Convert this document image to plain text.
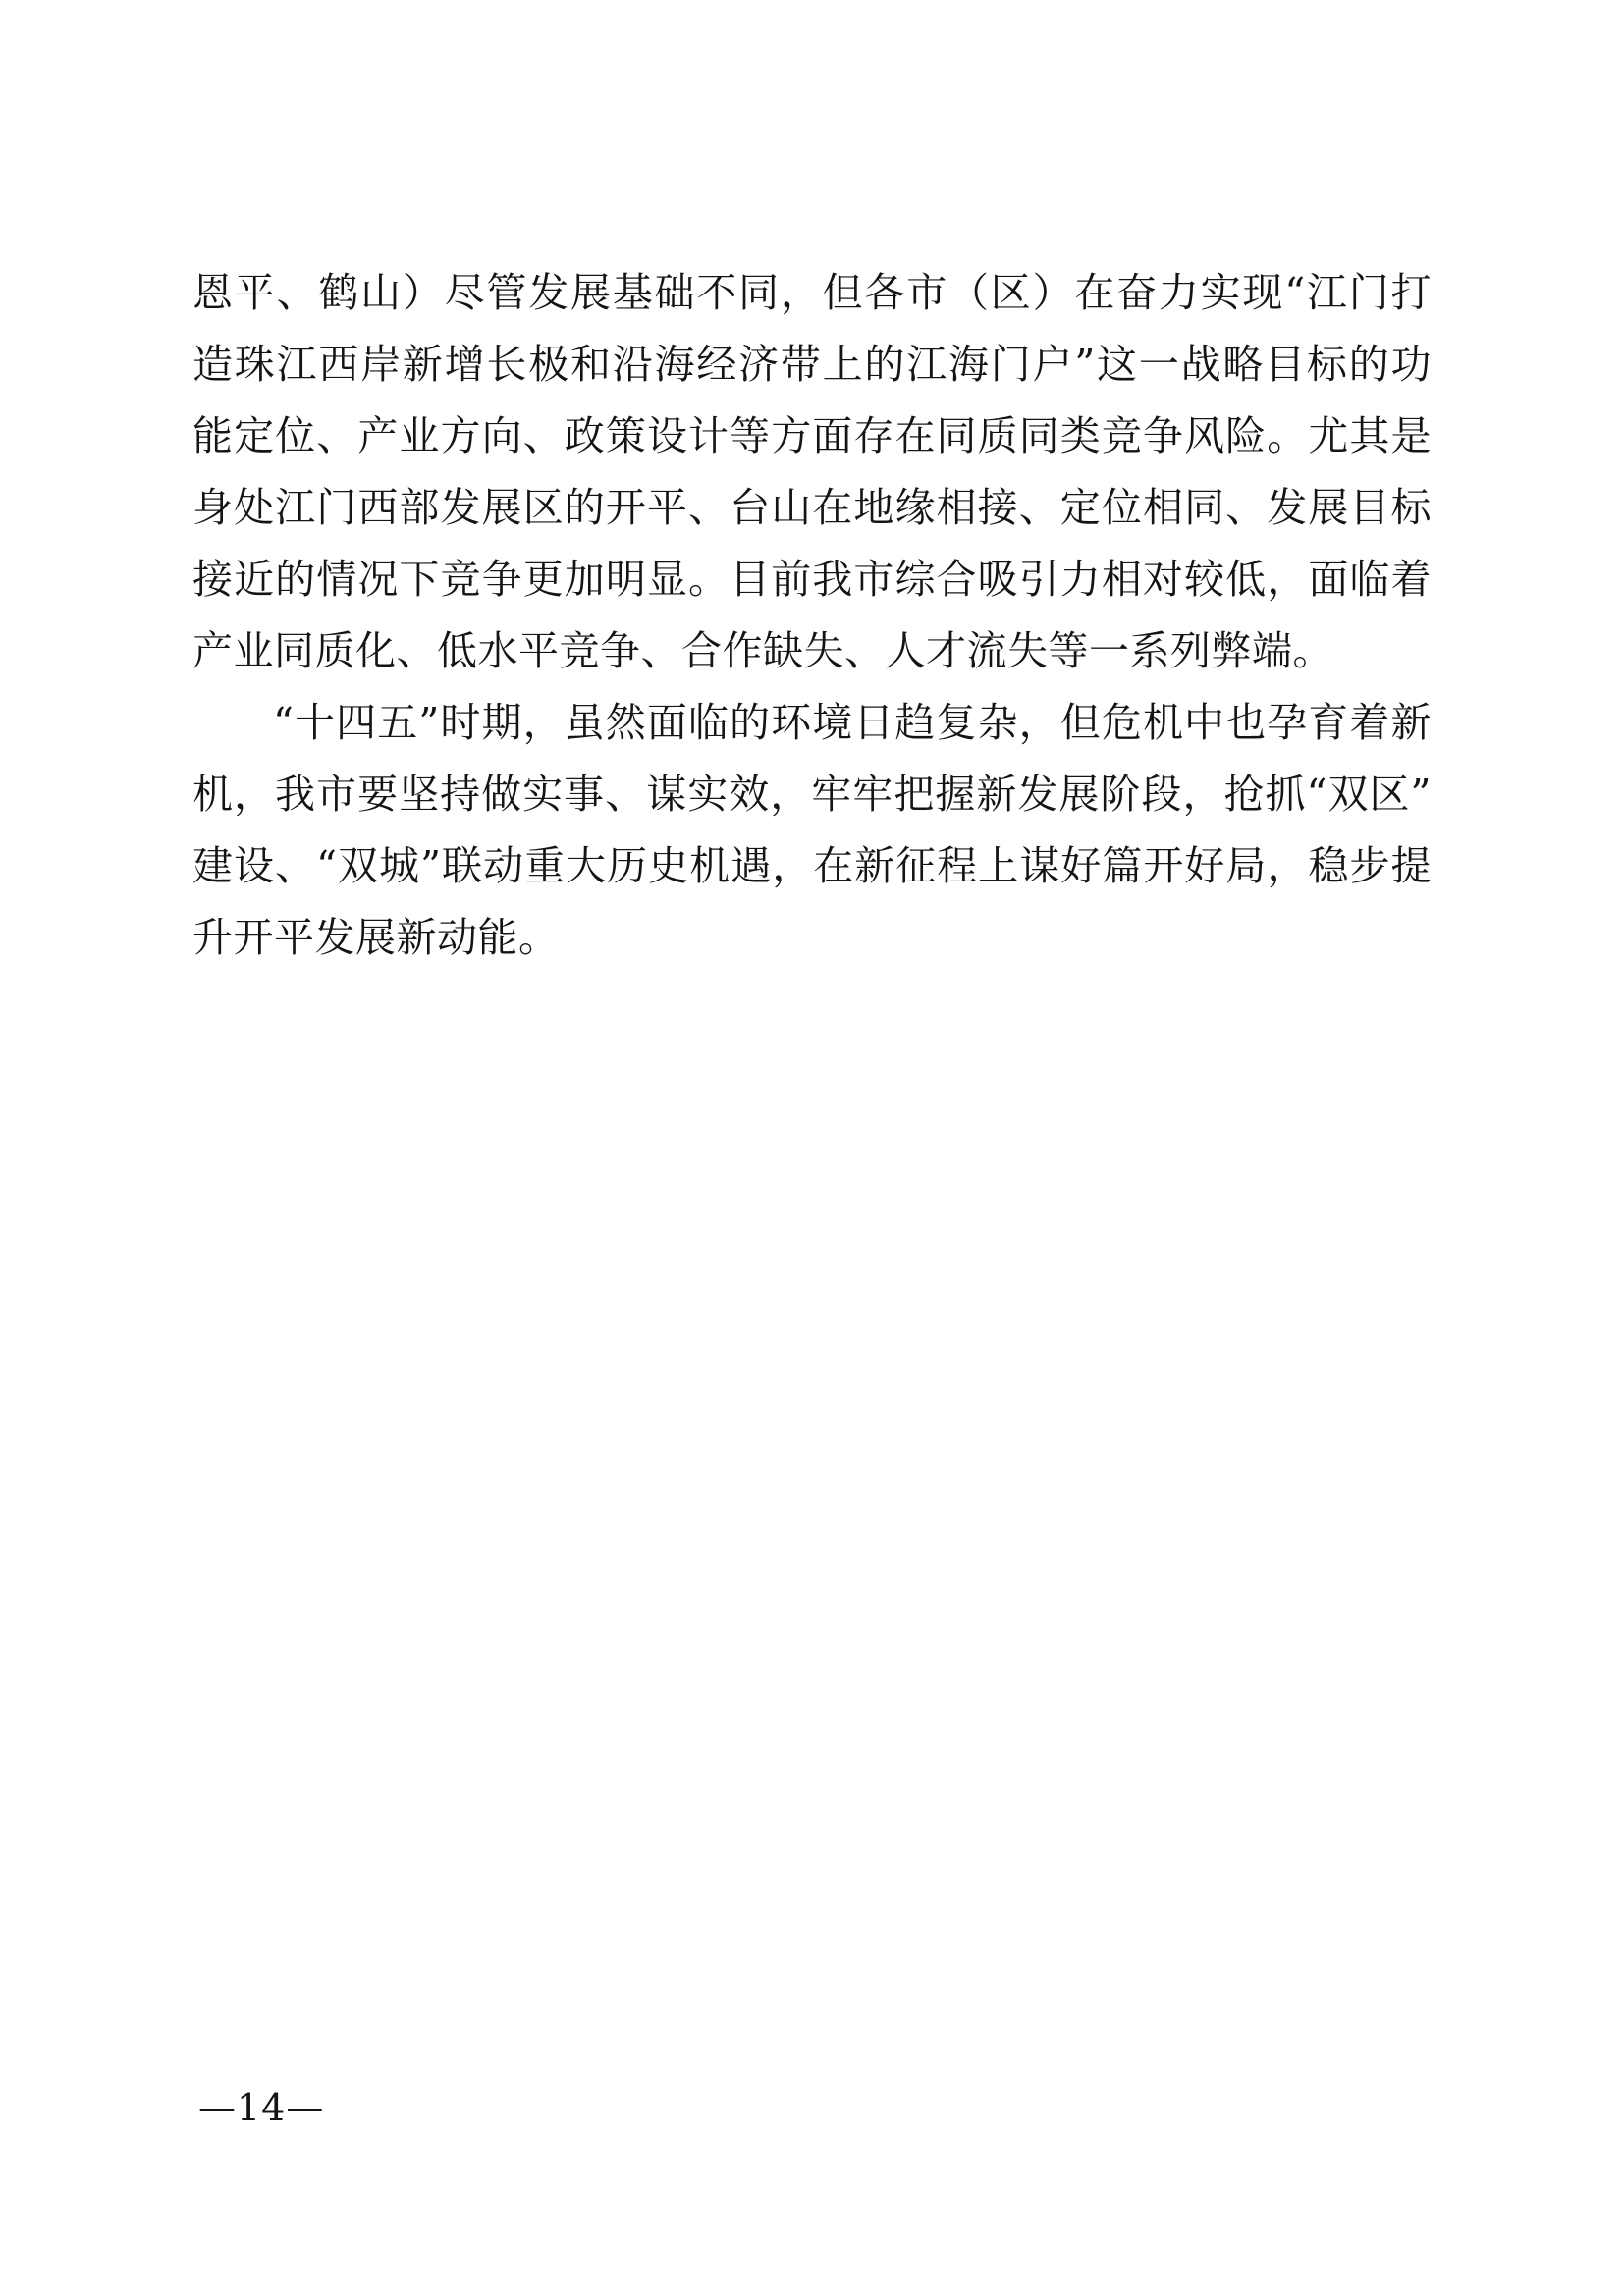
恩平、鹤山）尽管发展基础不同，但各市（区）在奋力实现“江门打造珠江西岸新增长极和沿海经济带上的江海门户”这一战略目标的功能定位、产业方向、政策设计等方面存在同质同类竞争风险。尤其是身处江门西部发展区的开平、台山在地缘相接、定位相同、发展目标接近的情况下竞争更加明显。目前我市综合吸引力相对较低，面临着产业同质化、低水平竞争、合作缺失、人才流失等一系列弊端。

“十四五”时期，虽然面临的环境日趋复杂，但危机中也孕育着新机，我市要坚持做实事、谋实效，牢牢把握新发展阶段，抢抓“双区”建设、“双城”联动重大历史机遇，在新征程上谋好篇开好局，稳步提升开平发展新动能。

—14—
